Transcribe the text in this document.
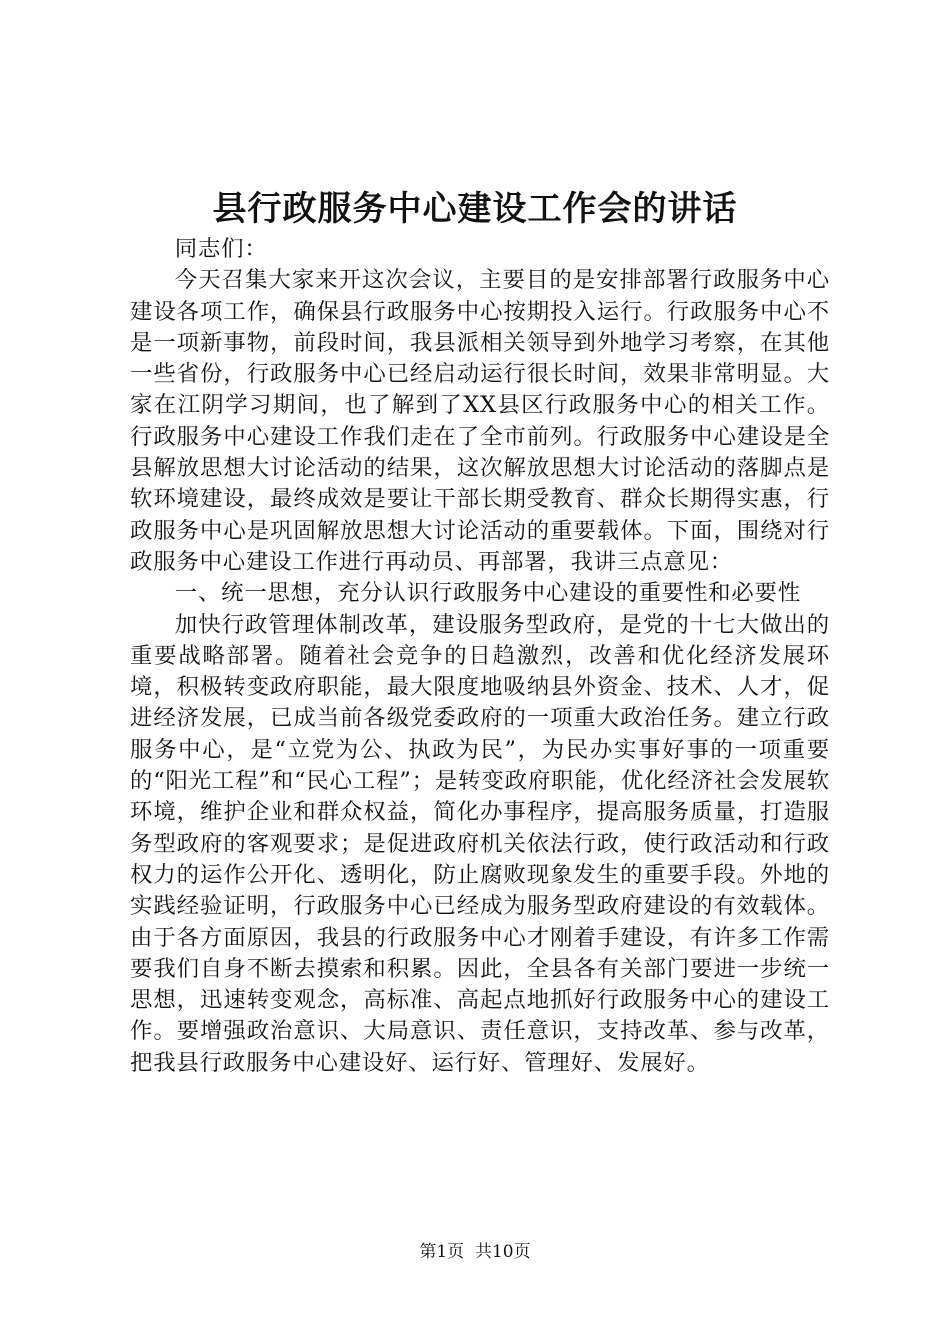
县行政服务中心建设工作会的讲话

同志们：

今天召集大家来开这次会议，主要目的是安排部署行政服务中心建设各项工作，确保县行政服务中心按期投入运行。行政服务中心不是一项新事物，前段时间，我县派相关领导到外地学习考察，在其他一些省份，行政服务中心已经启动运行很长时间，效果非常明显。大家在江阴学习期间，也了解到了XX县区行政服务中心的相关工作。行政服务中心建设工作我们走在了全市前列。行政服务中心建设是全县解放思想大讨论活动的结果，这次解放思想大讨论活动的落脚点是软环境建设，最终成效是要让干部长期受教育、群众长期得实惠，行政服务中心是巩固解放思想大讨论活动的重要载体。下面，围绕对行政服务中心建设工作进行再动员、再部署，我讲三点意见：

一、统一思想，充分认识行政服务中心建设的重要性和必要性

加快行政管理体制改革，建设服务型政府，是党的十七大做出的重要战略部署。随着社会竞争的日趋激烈，改善和优化经济发展环境，积极转变政府职能，最大限度地吸纳县外资金、技术、人才，促进经济发展，已成当前各级党委政府的一项重大政治任务。建立行政服务中心，是“立党为公、执政为民”，为民办实事好事的一项重要的“阳光工程”和“民心工程”；是转变政府职能，优化经济社会发展软环境，维护企业和群众权益，简化办事程序，提高服务质量，打造服务型政府的客观要求；是促进政府机关依法行政，使行政活动和行政权力的运作公开化、透明化，防止腐败现象发生的重要手段。外地的实践经验证明，行政服务中心已经成为服务型政府建设的有效载体。由于各方面原因，我县的行政服务中心才刚着手建设，有许多工作需要我们自身不断去摸索和积累。因此，全县各有关部门要进一步统一思想，迅速转变观念，高标准、高起点地抓好行政服务中心的建设工作。要增强政治意识、大局意识、责任意识，支持改革、参与改革，把我县行政服务中心建设好、运行好、管理好、发展好。

第1页  共10页
